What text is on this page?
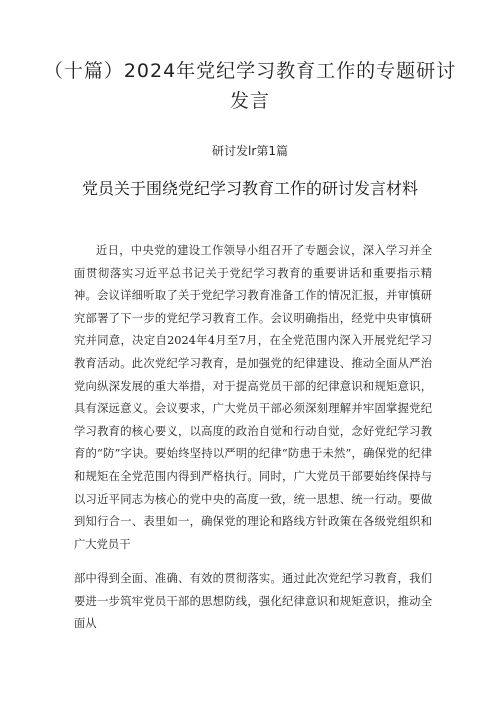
（十篇）2024年党纪学习教育工作的专题研讨发言
研讨发lr第1篇
党员关于围绕党纪学习教育工作的研讨发言材料

近日，中央党的建设工作领导小组召开了专题会议，深入学习并全面贯彻落实习近平总书记关于党纪学习教育的重要讲话和重要指示精神。会议详细听取了关于党纪学习教育准备工作的情况汇报，并审慎研究部署了下一步的党纪学习教育工作。会议明确指出，经党中央审慎研究并同意，决定自2024年4月至7月，在全党范围内深入开展党纪学习教育活动。此次党纪学习教育，是加强党的纪律建设、推动全面从严治党向纵深发展的重大举措，对于提高党员干部的纪律意识和规矩意识，具有深远意义。会议要求，广大党员干部必须深刻理解并牢固掌握党纪学习教育的核心要义，以高度的政治自觉和行动自觉，念好党纪学习教育的“防”字诀。要始终坚持以严明的纪律“防患于未然”，确保党的纪律和规矩在全党范围内得到严格执行。同时，广大党员干部要始终保持与以习近平同志为核心的党中央的高度一致，统一思想、统一行动。要做到知行合一、表里如一，确保党的理论和路线方针政策在各级党组织和广大党员干

部中得到全面、准确、有效的贯彻落实。通过此次党纪学习教育，我们要进一步筑牢党员干部的思想防线，强化纪律意识和规矩意识，推动全面从
